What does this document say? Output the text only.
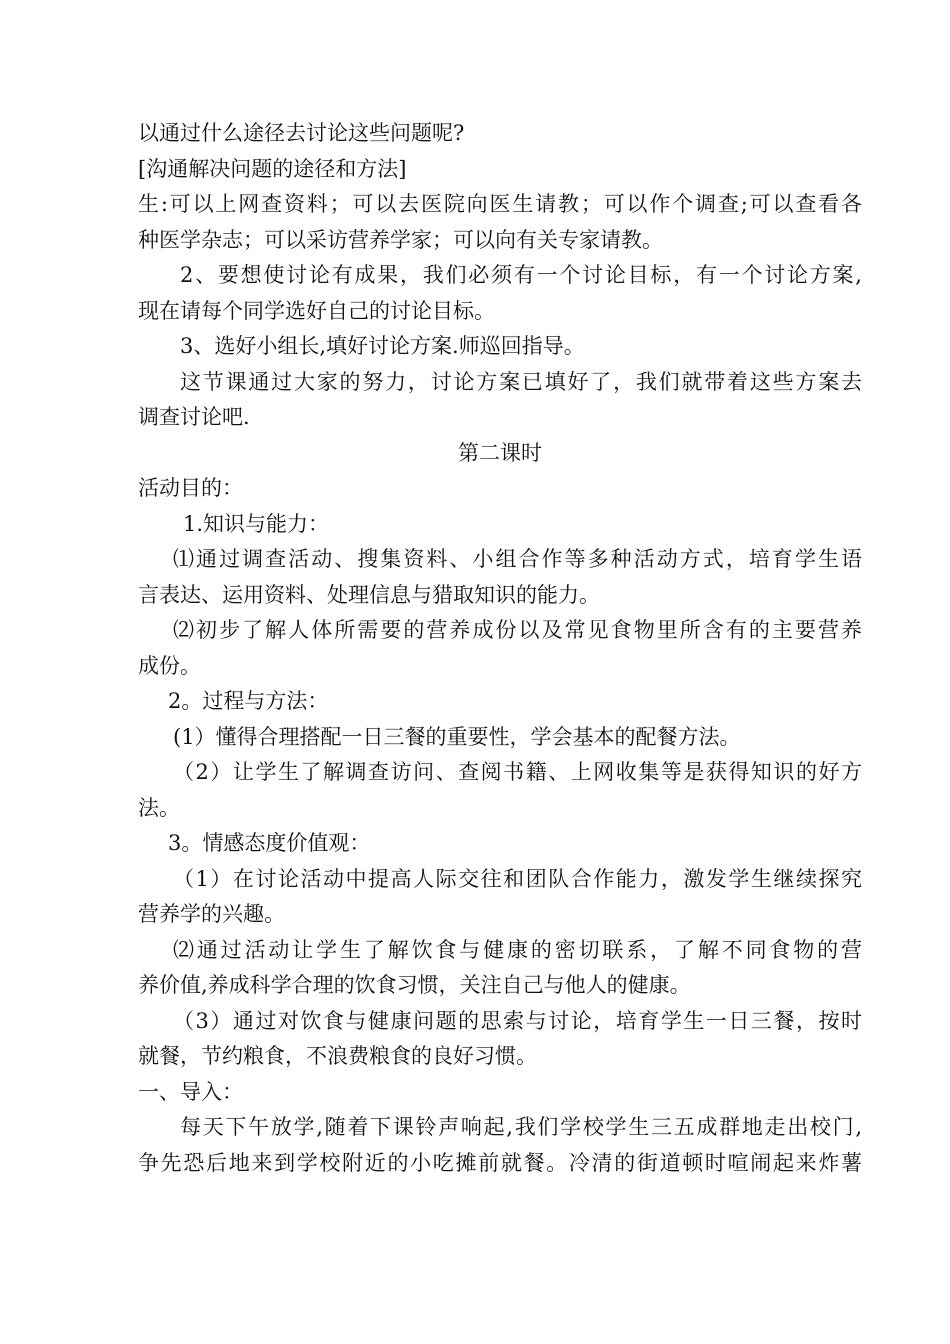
以通过什么途径去讨论这些问题呢?
[沟通解决问题的途径和方法]
生:可以上网查资料；可以去医院向医生请教；可以作个调查;可以查看各
种医学杂志；可以采访营养学家；可以向有关专家请教。
2、要想使讨论有成果，我们必须有一个讨论目标，有一个讨论方案,
现在请每个同学选好自己的讨论目标。
3、选好小组长,填好讨论方案.师巡回指导。
这节课通过大家的努力，讨论方案已填好了，我们就带着这些方案去
调查讨论吧.
第二课时
活动目的：
1.知识与能力：
⑴通过调查活动、搜集资料、小组合作等多种活动方式，培育学生语
言表达、运用资料、处理信息与猎取知识的能力。
⑵初步了解人体所需要的营养成份以及常见食物里所含有的主要营养
成份。
2。过程与方法：
(1）懂得合理搭配一日三餐的重要性，学会基本的配餐方法。
（2）让学生了解调查访问、查阅书籍、上网收集等是获得知识的好方
法。
3。情感态度价值观：
（1）在讨论活动中提高人际交往和团队合作能力，激发学生继续探究
营养学的兴趣。
⑵通过活动让学生了解饮食与健康的密切联系，了解不同食物的营
养价值,养成科学合理的饮食习惯，关注自己与他人的健康。
（3）通过对饮食与健康问题的思索与讨论，培育学生一日三餐，按时
就餐，节约粮食，不浪费粮食的良好习惯。
一、导入：
每天下午放学,随着下课铃声响起,我们学校学生三五成群地走出校门,
争先恐后地来到学校附近的小吃摊前就餐。冷清的街道顿时喧闹起来炸薯
